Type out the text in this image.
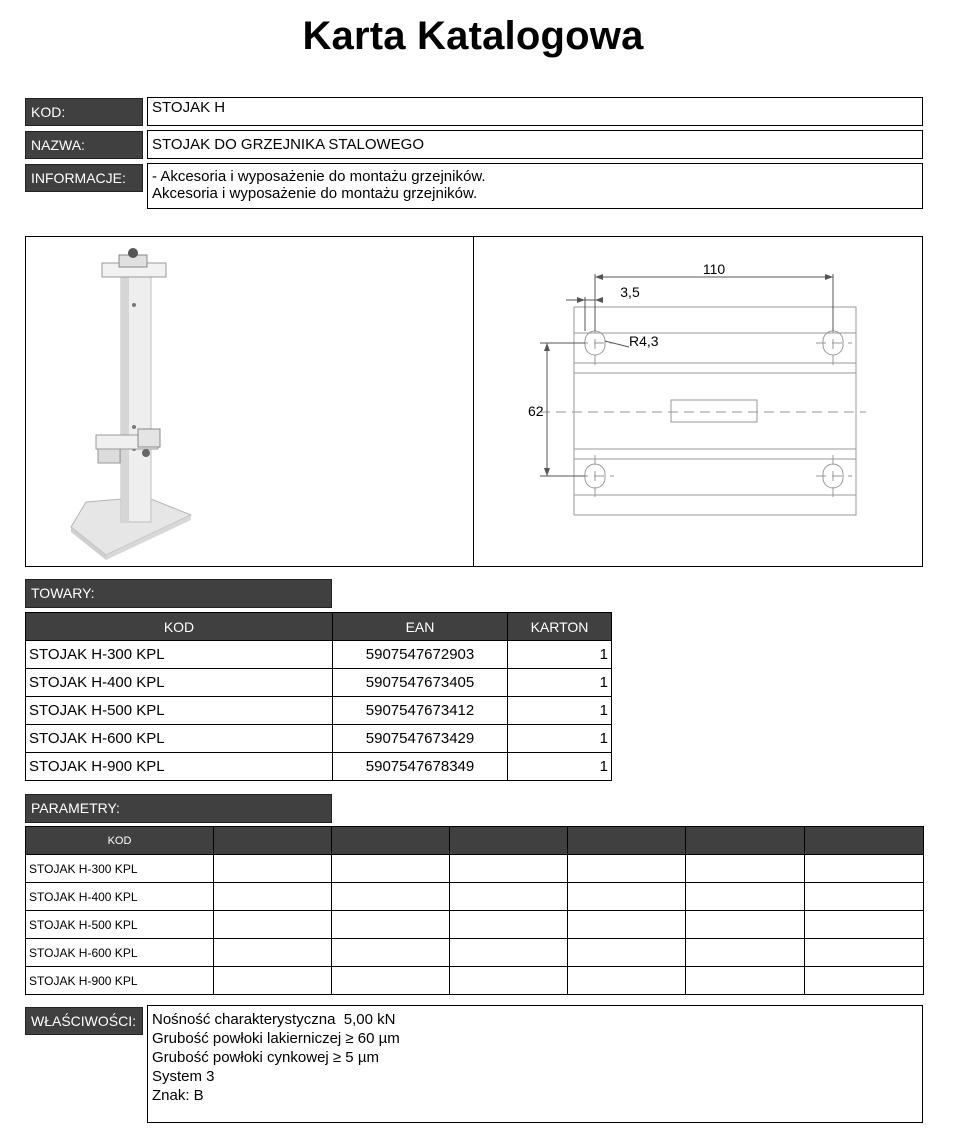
Karta Katalogowa
KOD:	STOJAK H
NAZWA:	STOJAK DO GRZEJNIKA STALOWEGO
INFORMACJE:	- Akcesoria i wyposażenie do montażu grzejników.
Akcesoria i wyposażenie do montażu grzejników.
110
3,5
R4,3
62
TOWARY:
KOD	EAN	KARTON
STOJAK H-300 KPL	5907547672903	1
STOJAK H-400 KPL	5907547673405	1
STOJAK H-500 KPL	5907547673412	1
STOJAK H-600 KPL	5907547673429	1
STOJAK H-900 KPL	5907547678349	1
PARAMETRY:
KOD						
STOJAK H-300 KPL						
STOJAK H-400 KPL						
STOJAK H-500 KPL						
STOJAK H-600 KPL						
STOJAK H-900 KPL						
WŁAŚCIWOŚCI:	Nośność charakterystyczna  5,00 kN
Grubość powłoki lakierniczej ≥ 60 µm
Grubość powłoki cynkowej ≥ 5 µm
System 3
Znak: B
